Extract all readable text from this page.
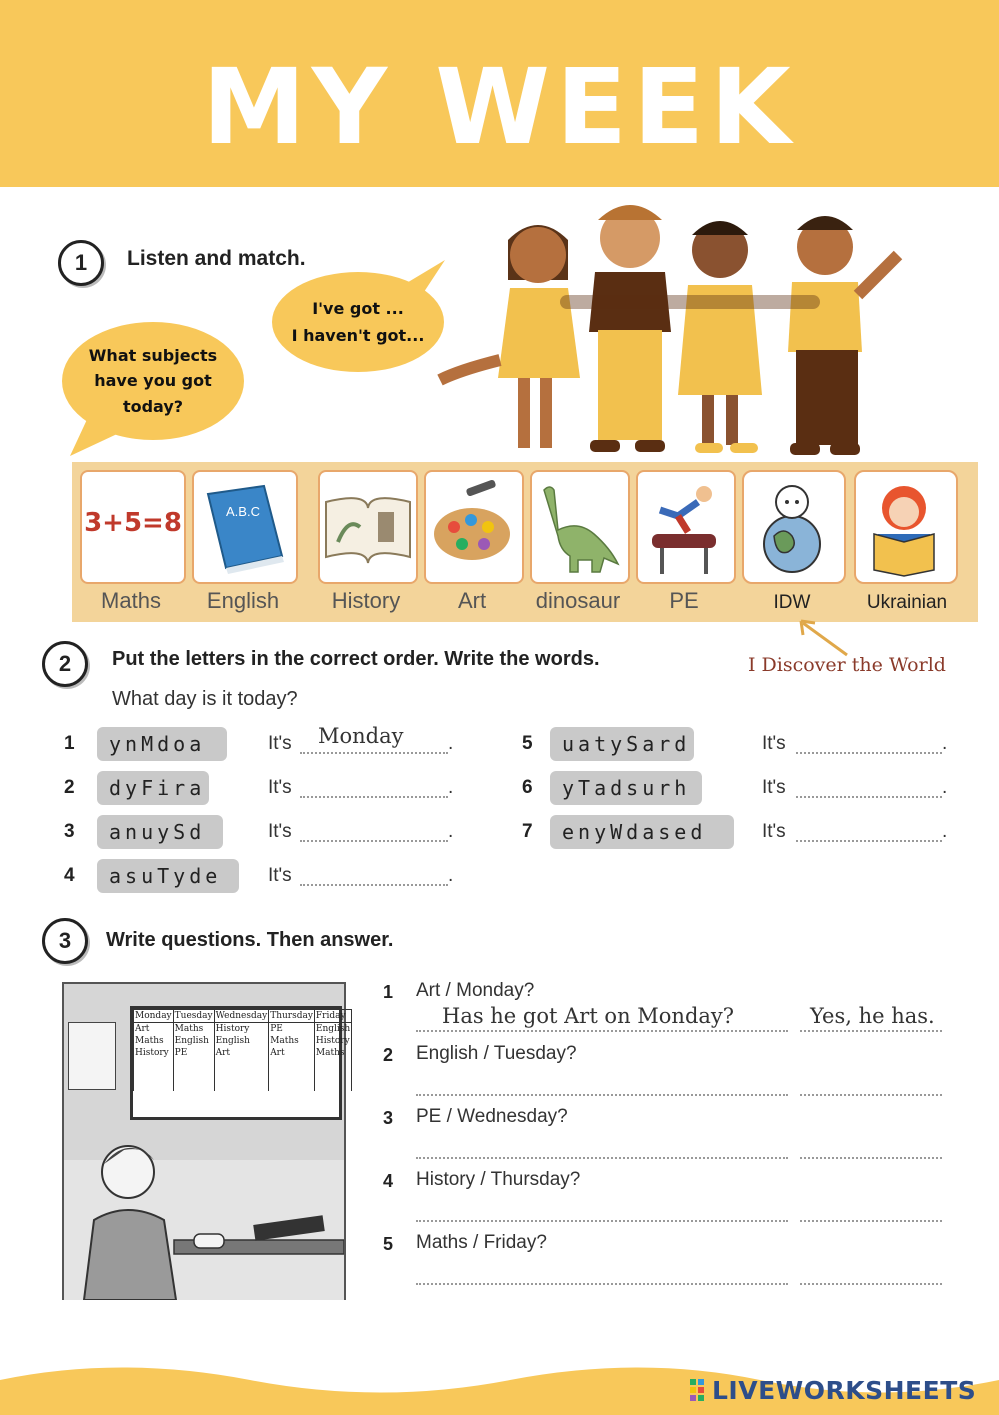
MY WEEK
1	Listen and match.
What subjects have you got today?
I've got ...
I haven't got...
3+5=8	A.B.C
Maths	English	History	Art	dinosaur	PE	IDW	Ukrainian
I Discover the World
2	Put the letters in the correct order. Write the words.
What day is it today?
1	ynMdoa	It's Monday .
2	dyFira	It's	.
3	anuySd	It's	.
4	asuTyde	It's	.
5	uatySard	It's	.
6	yTadsurh	It's	.
7	enyWdased	It's	.
3	Write questions. Then answer.
Monday	Tuesday	Wednesday	Thursday	Friday
Art	Maths	History	PE	English
Maths	English	English	Maths	History
History	PE	Art	Art	Maths
1 Art / Monday?
Has he got Art on Monday?	Yes, he has.
2 English / Tuesday?
3 PE / Wednesday?
4 History / Thursday?
5 Maths / Friday?
LIVEWORKSHEETS
